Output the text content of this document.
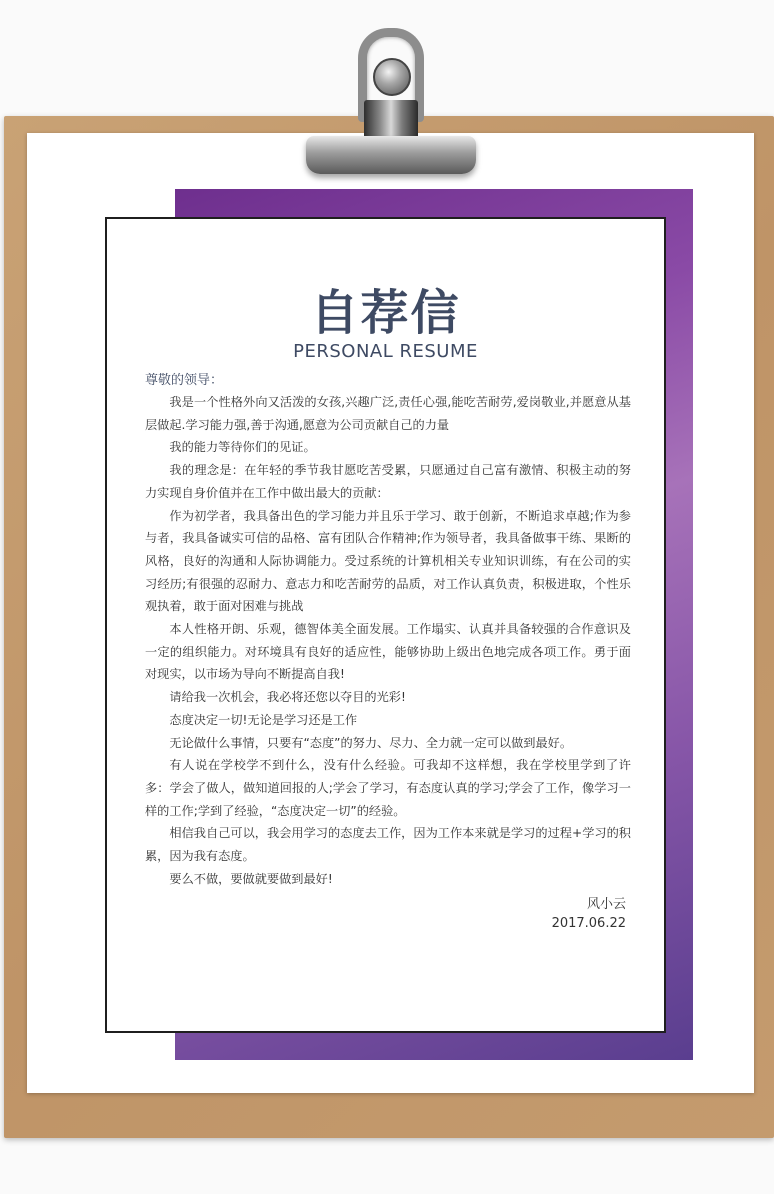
自荐信
PERSONAL RESUME
尊敬的领导：

我是一个性格外向又活泼的女孩,兴趣广泛,责任心强,能吃苦耐劳,爱岗敬业,并愿意从基层做起.学习能力强,善于沟通,愿意为公司贡献自己的力量

我的能力等待你们的见证。

我的理念是：在年轻的季节我甘愿吃苦受累，只愿通过自己富有激情、积极主动的努力实现自身价值并在工作中做出最大的贡献：

作为初学者，我具备出色的学习能力并且乐于学习、敢于创新，不断追求卓越;作为参与者，我具备诚实可信的品格、富有团队合作精神;作为领导者，我具备做事干练、果断的风格，良好的沟通和人际协调能力。受过系统的计算机相关专业知识训练，有在公司的实习经历;有很强的忍耐力、意志力和吃苦耐劳的品质，对工作认真负责，积极进取，个性乐观执着，敢于面对困难与挑战

本人性格开朗、乐观，德智体美全面发展。工作塌实、认真并具备较强的合作意识及一定的组织能力。对环境具有良好的适应性，能够协助上级出色地完成各项工作。勇于面对现实，以市场为导向不断提高自我!

请给我一次机会，我必将还您以夺目的光彩!

态度决定一切!无论是学习还是工作

无论做什么事情，只要有“态度”的努力、尽力、全力就一定可以做到最好。

有人说在学校学不到什么，没有什么经验。可我却不这样想，我在学校里学到了许多：学会了做人，做知道回报的人;学会了学习，有态度认真的学习;学会了工作，像学习一样的工作;学到了经验，“态度决定一切”的经验。

相信我自己可以，我会用学习的态度去工作，因为工作本来就是学习的过程+学习的积累，因为我有态度。

要么不做，要做就要做到最好!

风小云
2017.06.22
